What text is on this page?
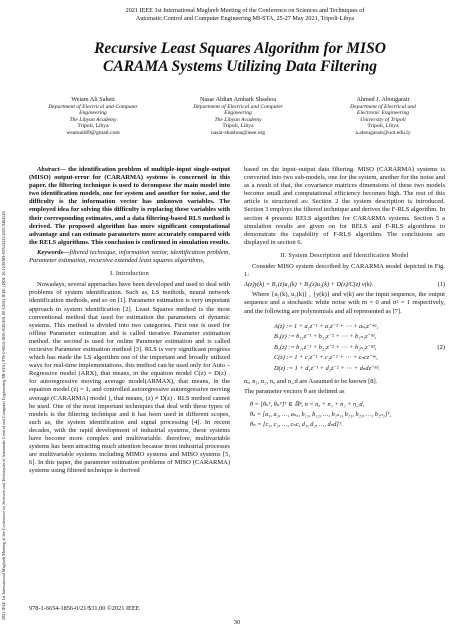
2021 IEEE 1st International Maghreb Meeting of the Conference on Sciences and Techniques of
Automatic Control and Computer Engineering MI-STA, 25-27 May 2021, Tripoli-Libya
2021 IEEE 1st International Maghreb Meeting of the Conference on Sciences and Techniques of Automatic Control and Computer Engineering MI-STA | 978-1-6654-1856-0/20/$31.00 ©2021 IEEE | DOI: 10.1109/MI-STA52233.2021.9464518
Recursive Least Squares Algorithm for MISO
CARAMA Systems Utilizing Data Filtering
Weiam Ali Saheti
Department of Electrical and Computer
Engineering
The Libyan Academy
Tripoli, Libya
weamali89@gmail.com
Nasar Aldian Ambark Shashoa
Department of Electrical and Computer
Engineering
The Libyan Academy
Tripoli, Libya
nasar-shashoa@ieee.org
Ahmed J. Abougarair
Department of Electrical and
Electronic Engineering
University of Tripoli
Tripoli, Libya
a.abougarair@uot.edu.ly

Abstract— the identification problem of multiple-input single-output (MISO) output-error for (CARARMA) systems is concerned in this paper. the filtering technique is used to decompose the main model into two identification models, one for system and another for noise, and the difficulty is the information vector has unknown variables. The employed idea for solving this difficulty is replacing these variables with their corresponding estimates, and a data filtering-based RLS method is derived. The proposed algorithm has more significant computational advantage and can estimate parameters more accurately compared with the RELS algorithms. This conclusion is confirmed in simulation results.

Keywords—filtered technique, information vector, identification problem, Parameter estimation, recursive extended least squares algorithms,

I. Introduction

Nowadays, several approaches have been developed and used to deal with problems of system identification. Such as, LS methods, neural network identification methods, and so on [1]. Parameter estimation is very important approach in system identification [2]. Least Squares method is the most conventional method that used for estimation the parameters of dynamic systems. This method is divided into two categories. First one is used for offline Parameter estimation and is called iterative Parameter estimation method. the second is used for online Parameter estimation and is called recursive Parameter estimation method [3]. RLS is very significant progress which has made the LS algorithm one of the important and broadly utilized ways for real-time implementations. this method can be used only for Auto –Regressive model (ARX), that means, in the equation model C(z) = D(z) . for autoregressive moving average model(ARMAX), that means, in the equation model (z) = 1, and controlled autoregressive autoregressive moving average (CARARMA) model ), that means, (z) ≠ D(z) . RLS method cannot be used. One of the most important techniques that deal with these types of models is the filtering technique and it has been used in different scopes, such as, the system identification and signal processing [4]. In recent decades, with the rapid development of industrial systems, these systems have become more complex and multivariable. therefore, multivariable systems has been attracting much attention because most industrial processes are multivariable systems including MIMO systems and MISO systems [5, 6]. In this paper, the parameter estimation problems of MISO (CARARMA) systems using filtered technique is derived

based on the input–output data filtering. MISO (CARARMA) systems is converted into two sub-models, one for the system, another for the noise and as a result of that, the covariance matrices dimensions of these two models become small and computational efficiency becomes high. The rest of this article is structured as: Section 2 the system description is introduced. Section 3 employs the filtered technique and derives the F-RLS algorithm. In section 4 presents RELS algorithm for CARARMA systems. Section 5 a simulation results are given on for RELS and F-RLS algorithms to demonstrate the capability of F-RLS algorithm. The conclusions are displayed in section 6.

II. System Description and Identification Model

Consider MISO system described by CARARMA model depicted in Fig. 1:

A(z)y(k) = B₁(z)u₁(k) + B₂(z)u₂(k) + D(z)/C(z) v(k).	(1)

Where {u₁(k), u₂(k)} , {y(k)} and v(k) are the input sequence, the output sequence and a stochastic white noise with m = 0 and σ² = 1 respectively, and the following are polynomials and all represented as [7].

A(z) := 1 + a₁z⁻¹ + a₂z⁻² + ⋯ + aₙₐz⁻ⁿᵃ,
B₁(z) := b₁₁z⁻¹ + b₁₂z⁻² + ⋯ + b₁ₙ₁z⁻ⁿ¹,
B₂(z) := b₂₁z⁻¹ + b₂₂z⁻² + ⋯ + b₂ₙ₂z⁻ⁿ²,
C(z) := 1 + c₁z⁻¹ + c₂z⁻² + ⋯ + cₙcz⁻ⁿᶜ,
D(z) := 1 + d₁z⁻¹ + d₂z⁻² + ⋯ + dₙdz⁻ⁿᵈ.
(2)

nₐ, n₁, n₂, n꜀ and n_d are Assumed to be known [8].

The parameter vectors θ are defined as

θ = [θₛᵀ, θₙᵀ]ᵀ ∈ ℝⁿ, n = nₐ + n₁ + n₂ + n_d,
θₛ = [a₁, a₂, …, aₙₐ, b₁₁, b₁₂, …, b₁ₙ₁, b₂₁, b₂₂, …, b₂ₙ₂]ᵀ,
θₙ = [c₁, c₂, …, cₙc, d₁, d₂, …, dₙd]ᵀ.
978-1-6654-1856-0/21/$31.00 ©2021 IEEE
30
